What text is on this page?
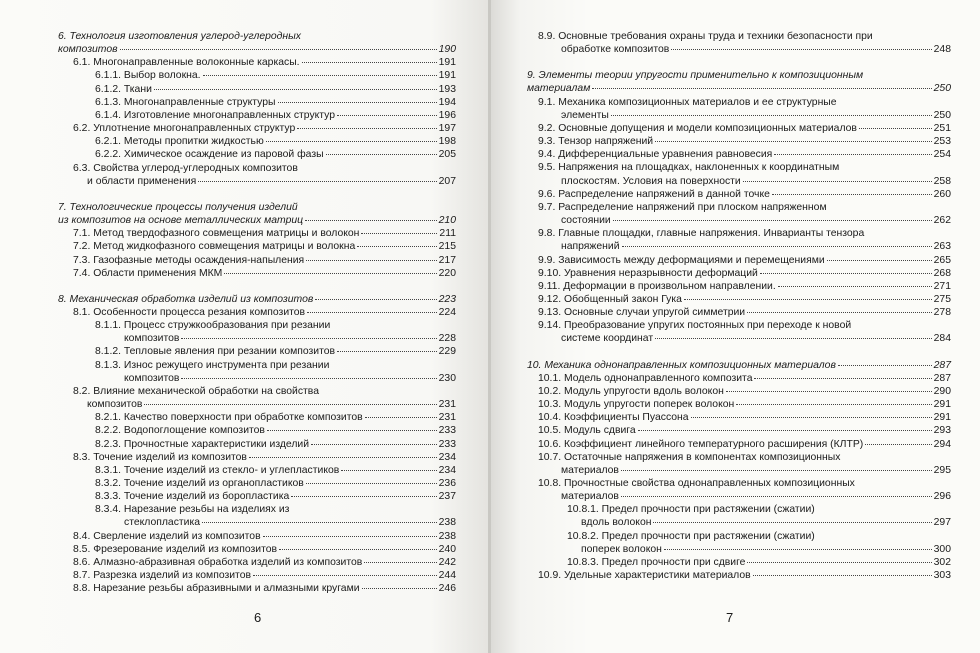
6. Технология изготовления углерод-углеродных
композитов	190
6.1. Многонаправленные волоконные каркасы.	191
6.1.1. Выбор волокна.	191
6.1.2. Ткани	193
6.1.3. Многонаправленные структуры	194
6.1.4. Изготовление многонаправленных структур	196
6.2. Уплотнение многонаправленных структур	197
6.2.1. Методы пропитки жидкостью	198
6.2.2. Химическое осаждение из паровой фазы	205
6.3. Свойства углерод-углеродных композитов
и области применения	207
7. Технологические процессы получения изделий
из композитов на основе металлических матриц	210
7.1. Метод твердофазного совмещения матрицы и волокон	211
7.2. Метод жидкофазного совмещения матрицы и волокна	215
7.3. Газофазные методы осаждения-напыления	217
7.4. Области применения МКМ	220
8. Механическая обработка изделий из композитов	223
8.1. Особенности процесса резания композитов	224
8.1.1. Процесс стружкообразования при резании
композитов	228
8.1.2. Тепловые явления при резании композитов	229
8.1.3. Износ режущего инструмента при резании
композитов	230
8.2. Влияние механической обработки на свойства
композитов	231
8.2.1. Качество поверхности при обработке композитов	231
8.2.2. Водопоглощение композитов	233
8.2.3. Прочностные характеристики изделий	233
8.3. Точение изделий из композитов	234
8.3.1. Точение изделий из стекло- и углепластиков	234
8.3.2. Точение изделий из органопластиков	236
8.3.3. Точение изделий из боропластика	237
8.3.4. Нарезание резьбы на изделиях из
стеклопластика	238
8.4. Сверление изделий из композитов	238
8.5. Фрезерование изделий из композитов	240
8.6. Алмазно-абразивная обработка изделий из композитов	242
8.7. Разрезка изделий из композитов	244
8.8. Нарезание резьбы абразивными и алмазными кругами	246
6
8.9. Основные требования охраны труда и техники безопасности при
обработке композитов	248
9. Элементы теории упругости применительно к композиционным
материалам	250
9.1. Механика композиционных материалов и ее структурные
элементы	250
9.2. Основные допущения и модели композиционных материалов	251
9.3. Тензор напряжений	253
9.4. Дифференциальные уравнения равновесия	254
9.5. Напряжения на площадках, наклоненных к координатным
плоскостям. Условия на поверхности	258
9.6. Распределение напряжений в данной точке	260
9.7. Распределение напряжений при плоском напряженном
состоянии	262
9.8. Главные площадки, главные напряжения. Инварианты тензора
напряжений	263
9.9. Зависимость между деформациями и перемещениями	265
9.10. Уравнения неразрывности деформаций	268
9.11. Деформации в произвольном направлении.	271
9.12. Обобщенный закон Гука	275
9.13. Основные случаи упругой симметрии	278
9.14. Преобразование упругих постоянных при переходе к новой
системе координат	284
10. Механика однонаправленных композиционных материалов	287
10.1. Модель однонаправленного композита	287
10.2. Модуль упругости вдоль волокон	290
10.3. Модуль упругости поперек волокон	291
10.4. Коэффициенты Пуассона	291
10.5. Модуль сдвига	293
10.6. Коэффициент линейного температурного расширения (КЛТР)	294
10.7. Остаточные напряжения в компонентах композиционных
материалов	295
10.8. Прочностные свойства однонаправленных композиционных
материалов	296
10.8.1. Предел прочности при растяжении (сжатии)
вдоль волокон	297
10.8.2. Предел прочности при растяжении (сжатии)
поперек волокон	300
10.8.3. Предел прочности при сдвиге	302
10.9. Удельные характеристики материалов	303
7
